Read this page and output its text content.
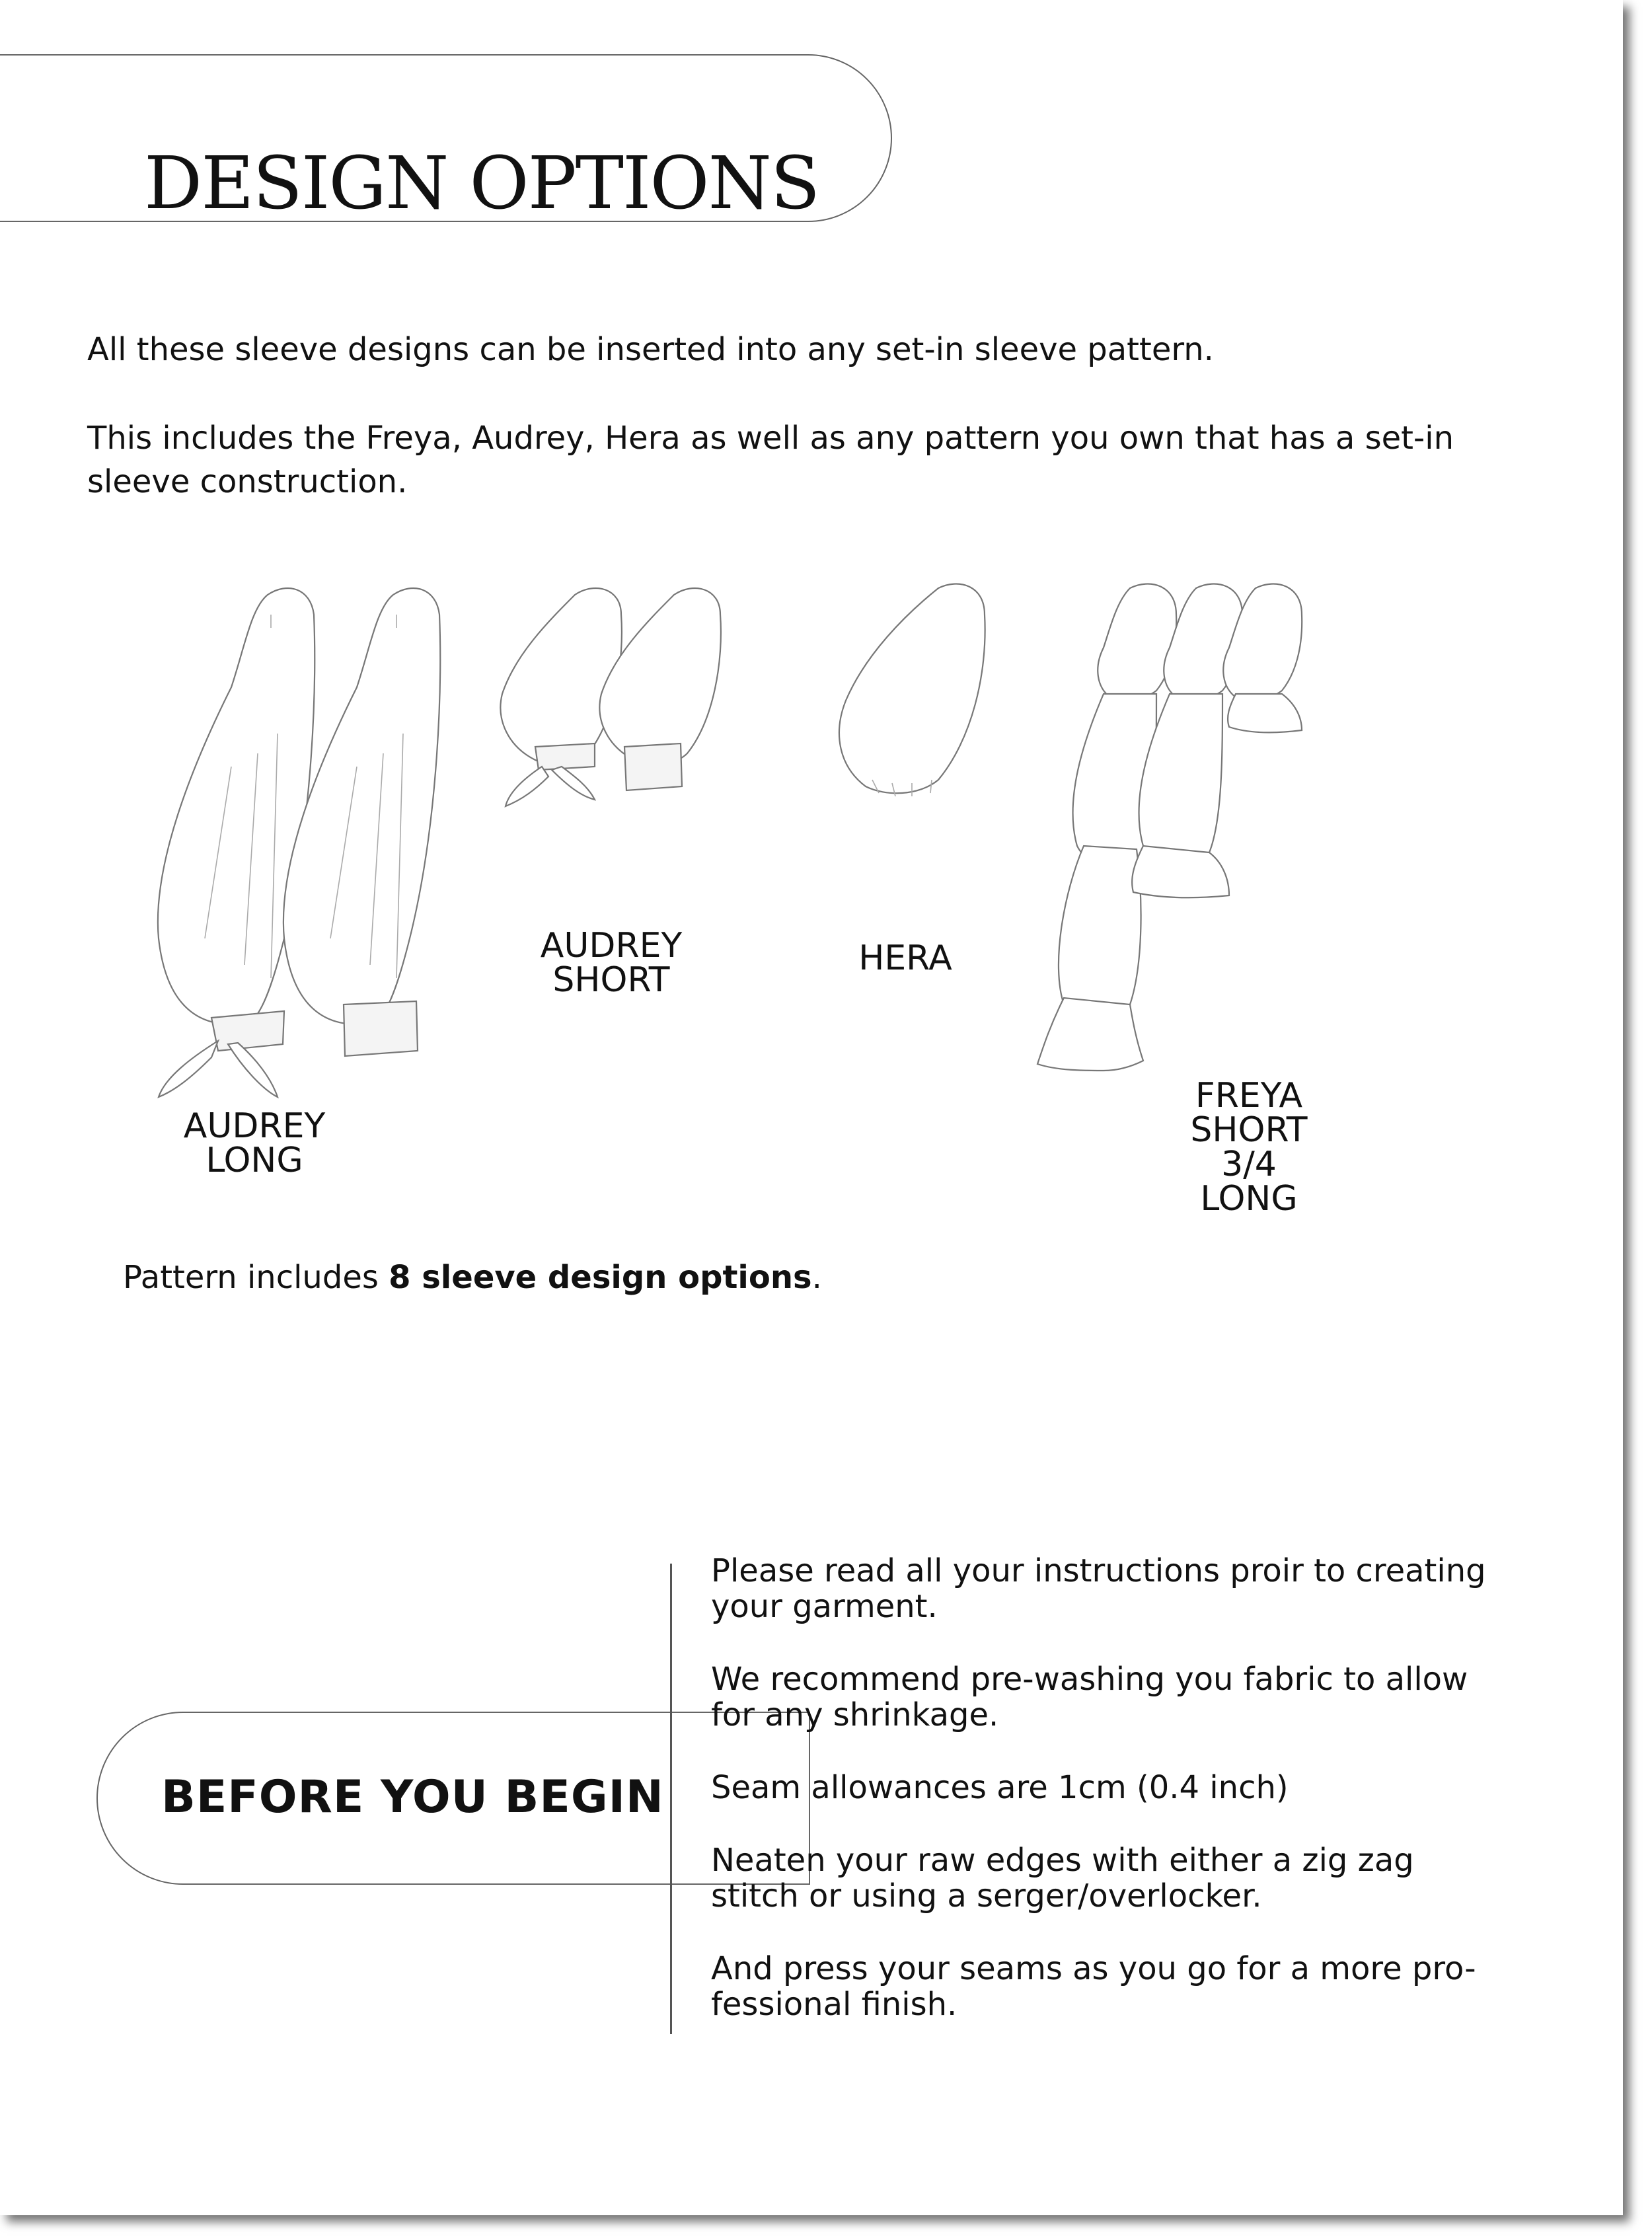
DESIGN OPTIONS

All these sleeve designs can be inserted into any set-in sleeve pattern.

This includes the Freya, Audrey, Hera as well as any pattern you own that has a set-in sleeve construction.

AUDREY
LONG

AUDREY
SHORT

HERA

FREYA
SHORT
3/4
LONG

Pattern includes 8 sleeve design options.

BEFORE YOU BEGIN
Please read all your instructions proir to creating your garment.
We recommend pre-washing you fabric to allow for any shrinkage.
Seam allowances are 1cm (0.4 inch)
Neaten your raw edges with either a zig zag stitch or using a serger/overlocker.
And press your seams as you go for a more pro-fessional finish.
